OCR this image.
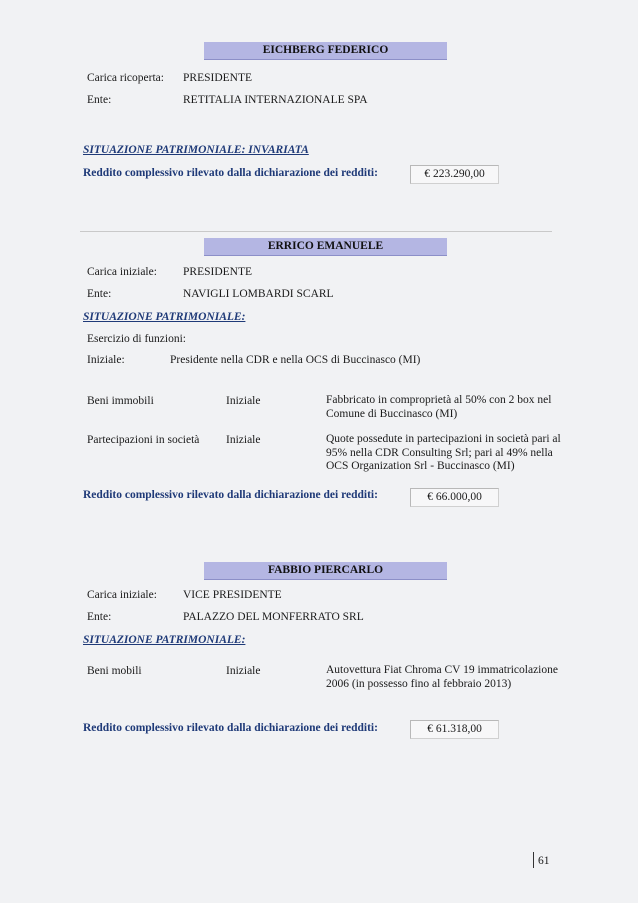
EICHBERG FEDERICO
Carica ricoperta: PRESIDENTE
Ente:	RETITALIA INTERNAZIONALE SPA
SITUAZIONE PATRIMONIALE: INVARIATA
Reddito complessivo rilevato dalla dichiarazione dei redditi:	€ 223.290,00
ERRICO EMANUELE
Carica iniziale: PRESIDENTE
Ente:	NAVIGLI LOMBARDI SCARL
SITUAZIONE PATRIMONIALE:
Esercizio di funzioni:
Iniziale:	Presidente nella CDR e nella OCS di Buccinasco (MI)
Beni immobili	Iniziale	Fabbricato in comproprietà al 50% con 2 box nel Comune di Buccinasco (MI)
Partecipazioni in società Iniziale	Quote possedute in partecipazioni in società pari al 95% nella CDR Consulting Srl; pari al 49% nella OCS Organization Srl - Buccinasco (MI)
Reddito complessivo rilevato dalla dichiarazione dei redditi:	€ 66.000,00
FABBIO PIERCARLO
Carica iniziale: VICE PRESIDENTE
Ente:	PALAZZO DEL MONFERRATO SRL
SITUAZIONE PATRIMONIALE:
Beni mobili	Iniziale	Autovettura Fiat Chroma CV 19 immatricolazione 2006 (in possesso fino al febbraio 2013)
Reddito complessivo rilevato dalla dichiarazione dei redditi:	€ 61.318,00
61
